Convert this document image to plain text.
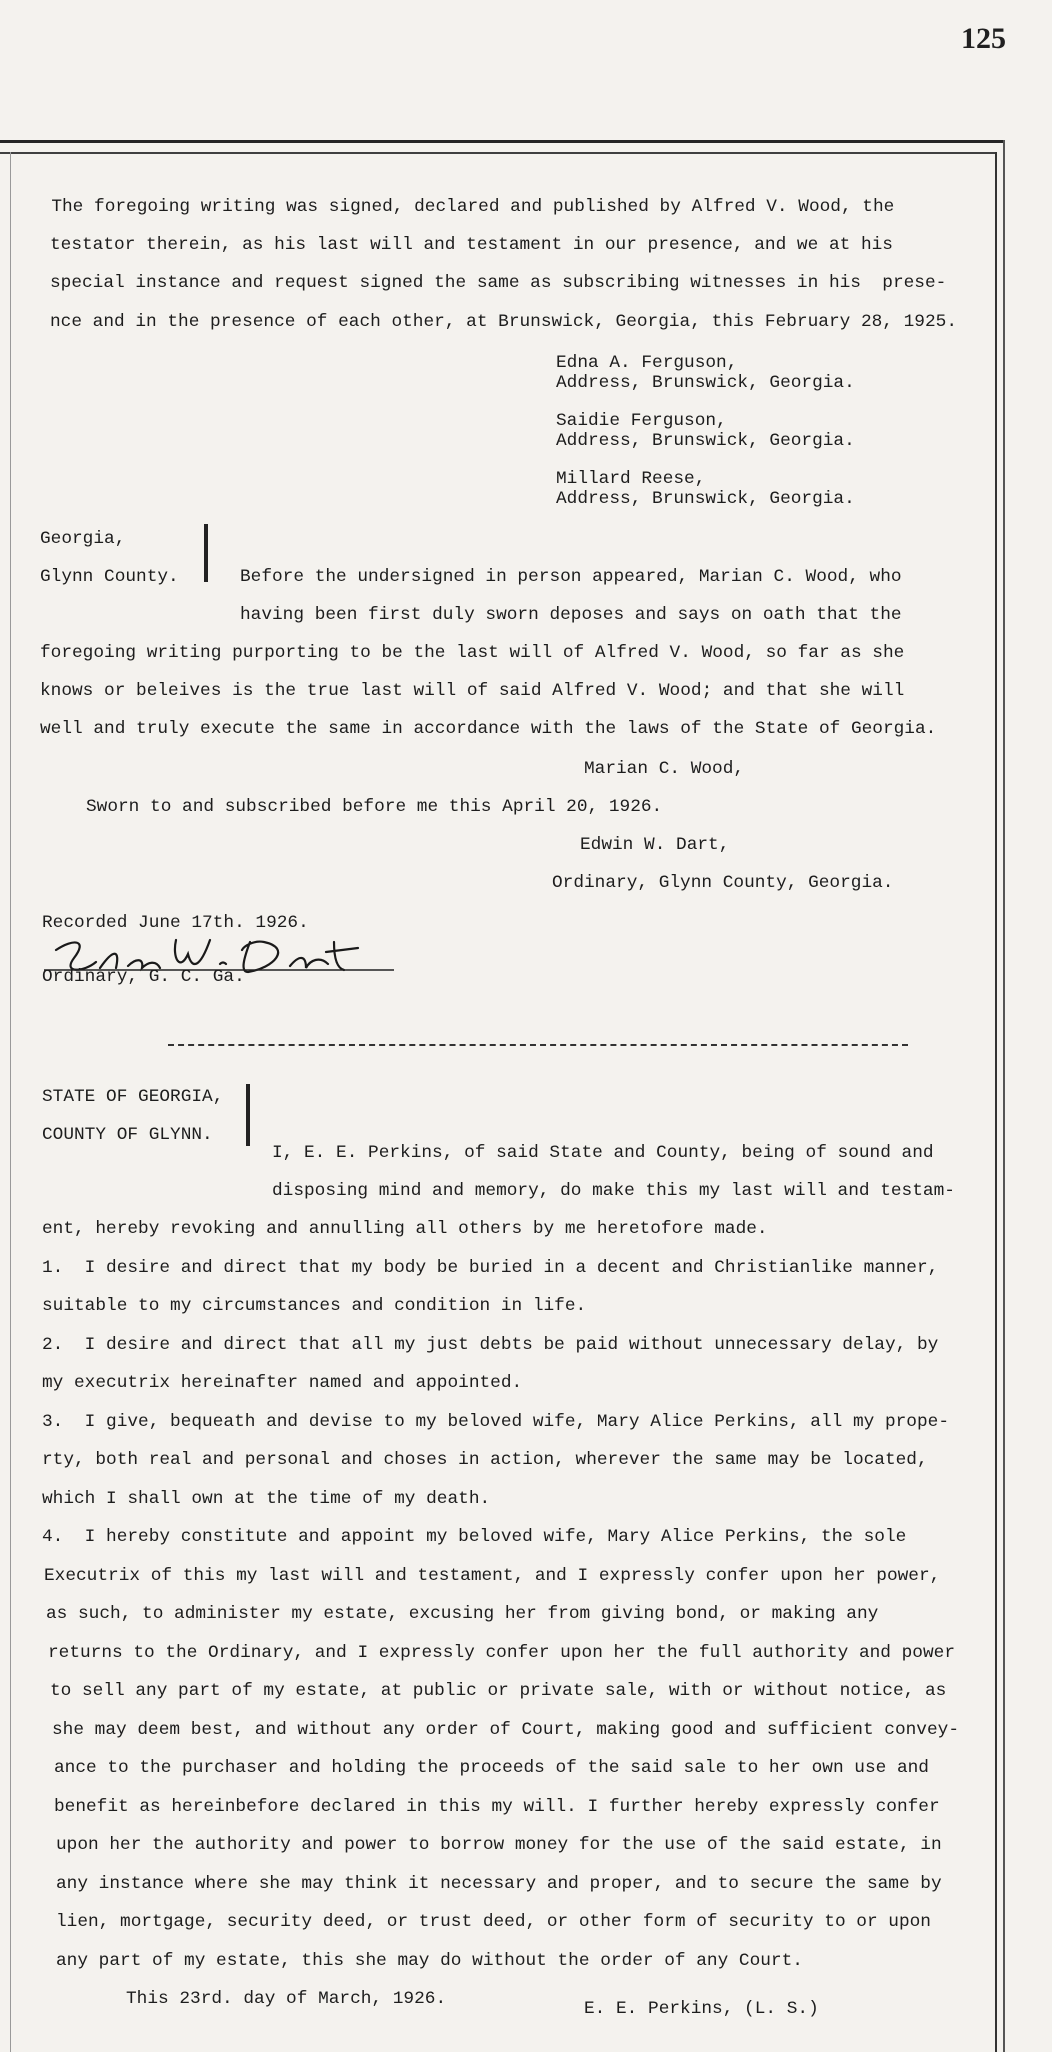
125
The foregoing writing was signed, declared and published by Alfred V. Wood, the
testator therein, as his last will and testament in our presence, and we at his
special instance and request signed the same as subscribing witnesses in his  prese-
nce and in the presence of each other, at Brunswick, Georgia, this February 28, 1925.
Edna A. Ferguson,
Address, Brunswick, Georgia.
Saidie Ferguson,
Address, Brunswick, Georgia.
Millard Reese,
Address, Brunswick, Georgia.
Georgia,
Glynn County.	Before the undersigned in person appeared, Marian C. Wood, who
having been first duly sworn deposes and says on oath that the
foregoing writing purporting to be the last will of Alfred V. Wood, so far as she
knows or beleives is the true last will of said Alfred V. Wood; and that she will
well and truly execute the same in accordance with the laws of the State of Georgia.
Marian C. Wood,
Sworn to and subscribed before me this April 20, 1926.
Edwin W. Dart,
Ordinary, Glynn County, Georgia.
Recorded June 17th. 1926.
Ordinary, G. C. Ga.
STATE OF GEORGIA,
COUNTY OF GLYNN.
I, E. E. Perkins, of said State and County, being of sound and
disposing mind and memory, do make this my last will and testam-
ent, hereby revoking and annulling all others by me heretofore made.
1.  I desire and direct that my body be buried in a decent and Christianlike manner,
suitable to my circumstances and condition in life.
2.  I desire and direct that all my just debts be paid without unnecessary delay, by
my executrix hereinafter named and appointed.
3.  I give, bequeath and devise to my beloved wife, Mary Alice Perkins, all my prope-
rty, both real and personal and choses in action, wherever the same may be located,
which I shall own at the time of my death.
4.  I hereby constitute and appoint my beloved wife, Mary Alice Perkins, the sole
Executrix of this my last will and testament, and I expressly confer upon her power,
as such, to administer my estate, excusing her from giving bond, or making any
returns to the Ordinary, and I expressly confer upon her the full authority and power
to sell any part of my estate, at public or private sale, with or without notice, as
she may deem best, and without any order of Court, making good and sufficient convey-
ance to the purchaser and holding the proceeds of the said sale to her own use and
benefit as hereinbefore declared in this my will. I further hereby expressly confer
upon her the authority and power to borrow money for the use of the said estate, in
any instance where she may think it necessary and proper, and to secure the same by
lien, mortgage, security deed, or trust deed, or other form of security to or upon
any part of my estate, this she may do without the order of any Court.
This 23rd. day of March, 1926.	E. E. Perkins, (L. S.)
